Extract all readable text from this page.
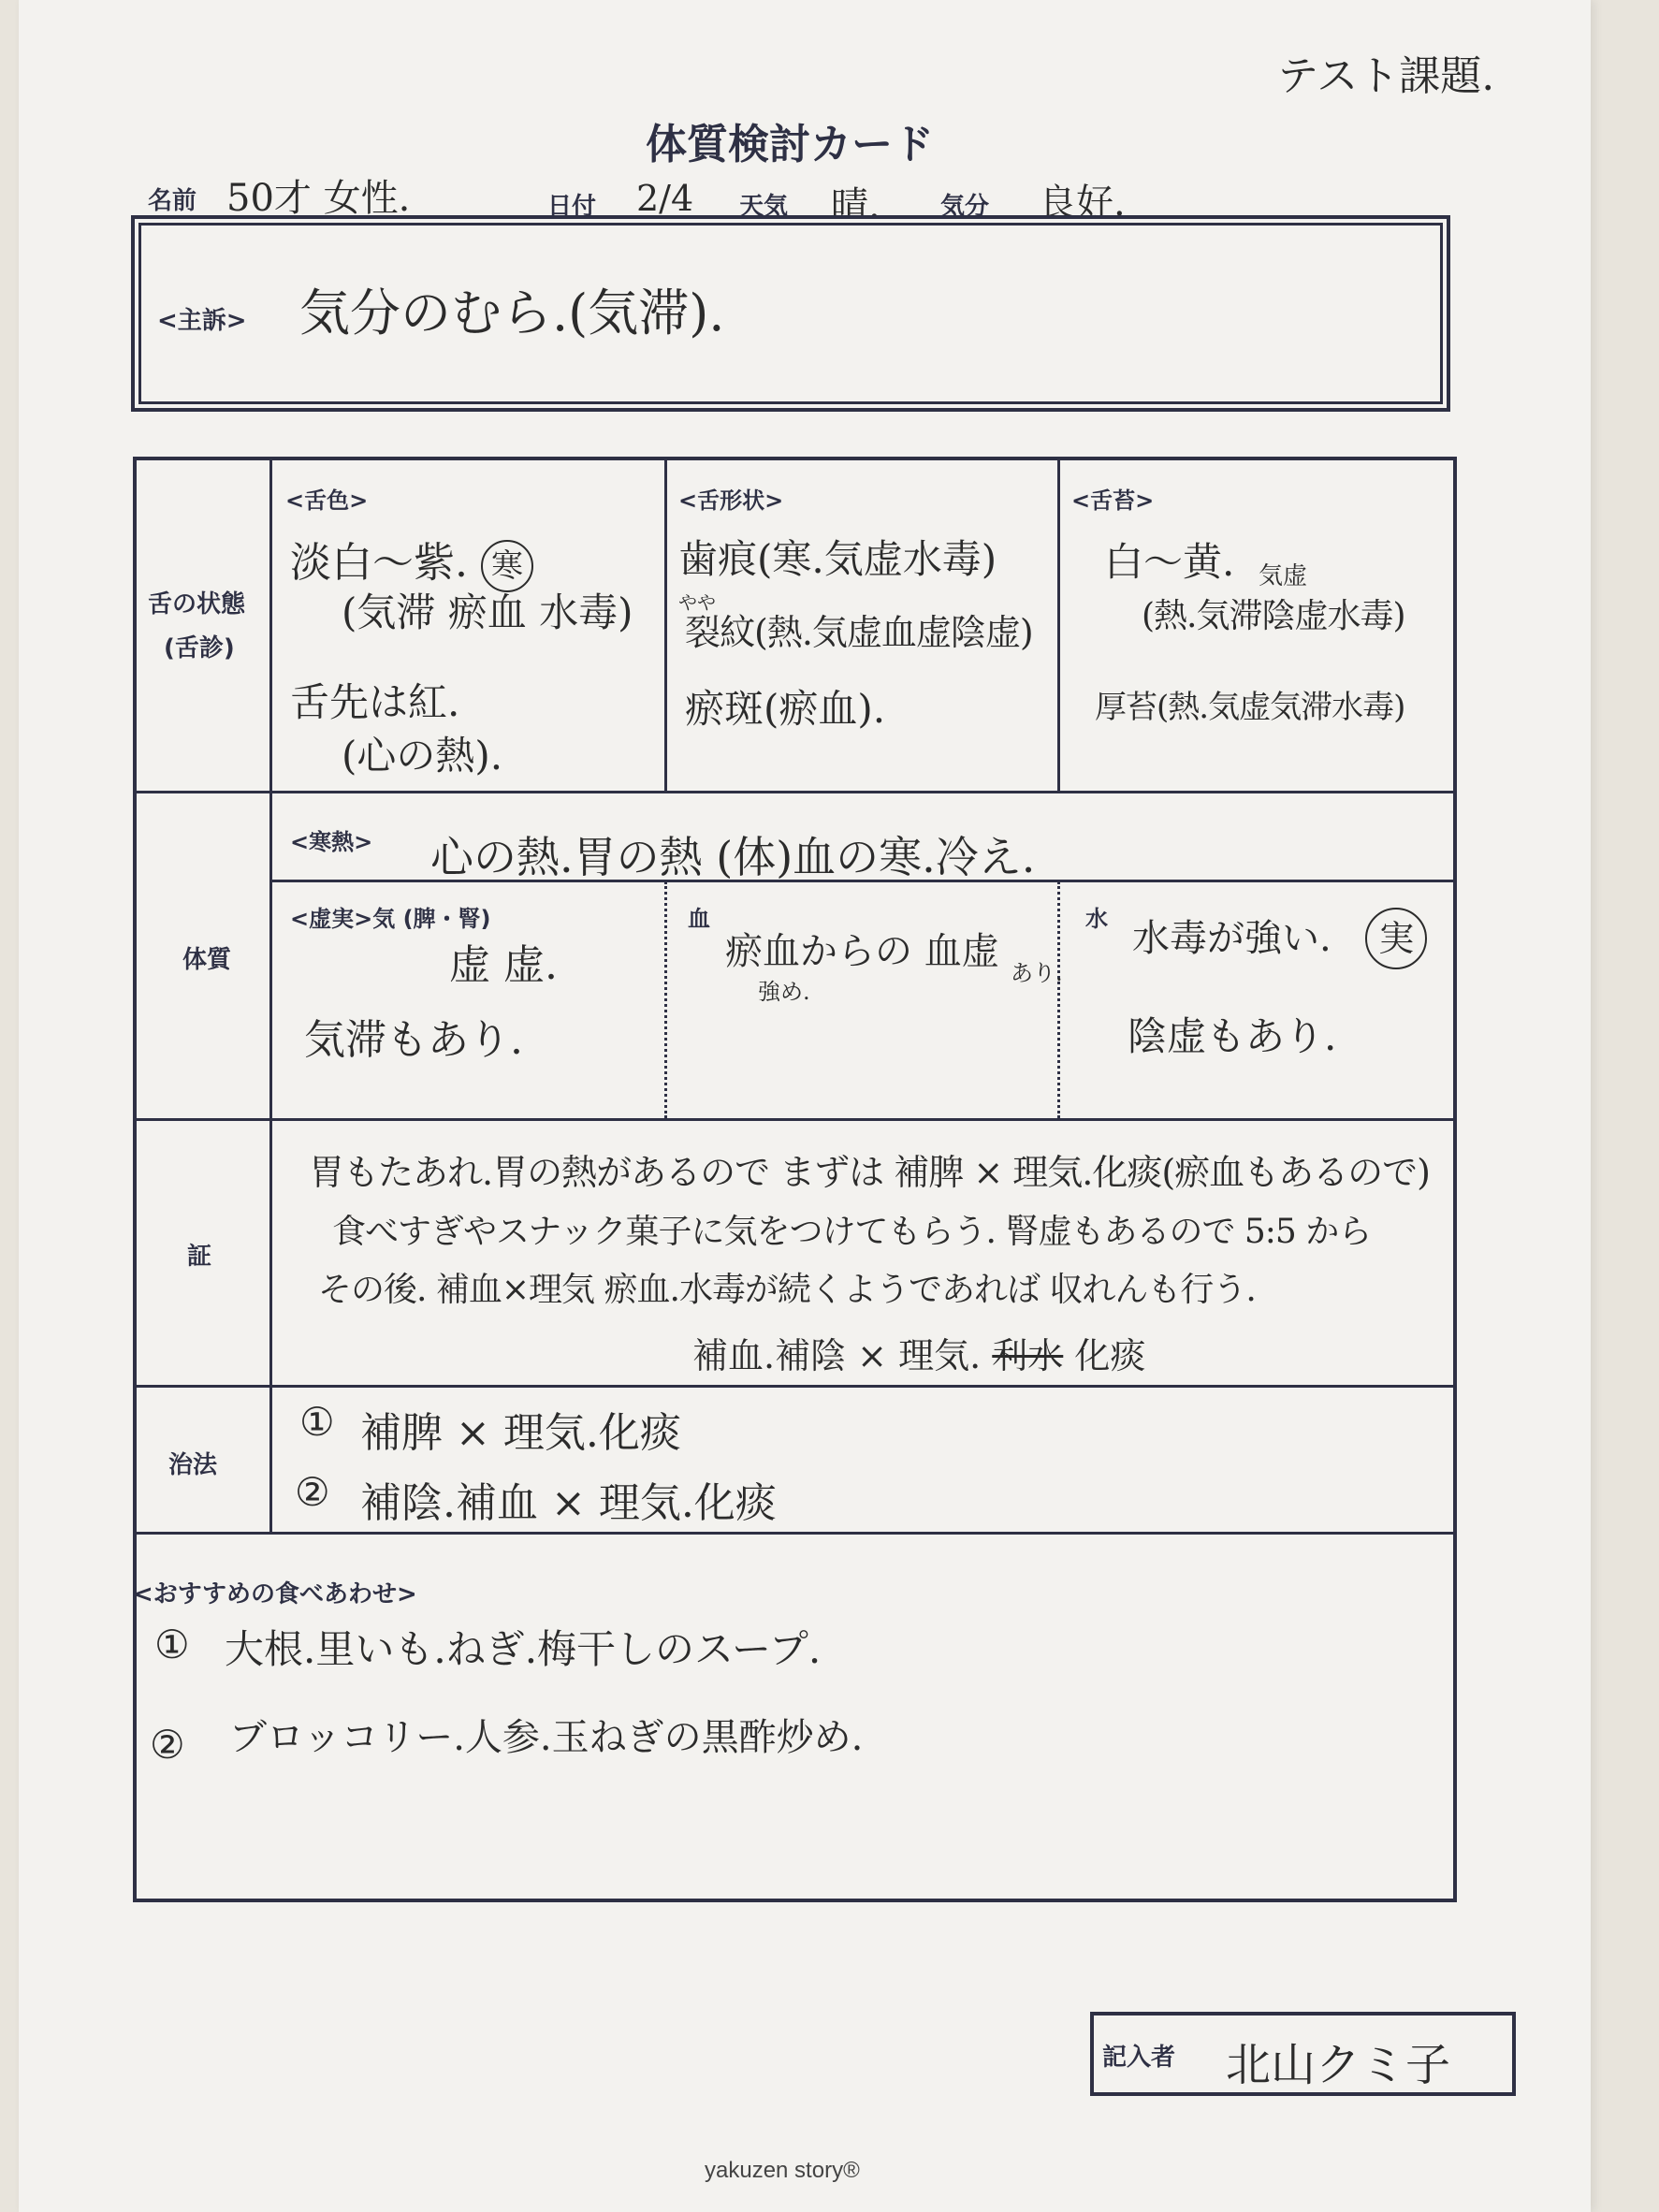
テスト課題.
体質検討カード
名前 50才 女性.	日付 2/4 天気 晴. 気分 良好.
<主訴> 気分のむら.(気滞).
舌の状態
(舌診)
<舌色>
淡白〜紫. 寒
(気滞 瘀血 水毒)
舌先は紅.
(心の熱).
<舌形状>
歯痕(寒.気虚水毒)
やや
裂紋(熱.気虚血虚陰虚)
瘀斑(瘀血).
<舌苔>
白〜黄. 気虚
(熱.気滞陰虚水毒)
厚苔(熱.気虚気滞水毒)
体質
<寒熱> 心の熱.胃の熱 (体)血の寒.冷え.
<虚実>気 (脾・腎)
虚 虚.
気滞もあり.
血
瘀血からの 血虚 あり.
強め.
水 水毒が強い. 実
陰虚もあり.
証
胃もたあれ.胃の熱があるので まずは 補脾 × 理気.化痰(瘀血もあるので)
食べすぎやスナック菓子に気をつけてもらう. 腎虚もあるので 5:5 から
その後. 補血×理気 瘀血.水毒が続くようであれば 収れんも行う.
補血.補陰 × 理気. 利水 化痰
治法
① 補脾 × 理気.化痰
② 補陰.補血 × 理気.化痰
<おすすめの食べあわせ>
① 大根.里いも.ねぎ.梅干しのスープ.
② ブロッコリー.人参.玉ねぎの黒酢炒め.
記入者 北山クミ子
yakuzen story®
